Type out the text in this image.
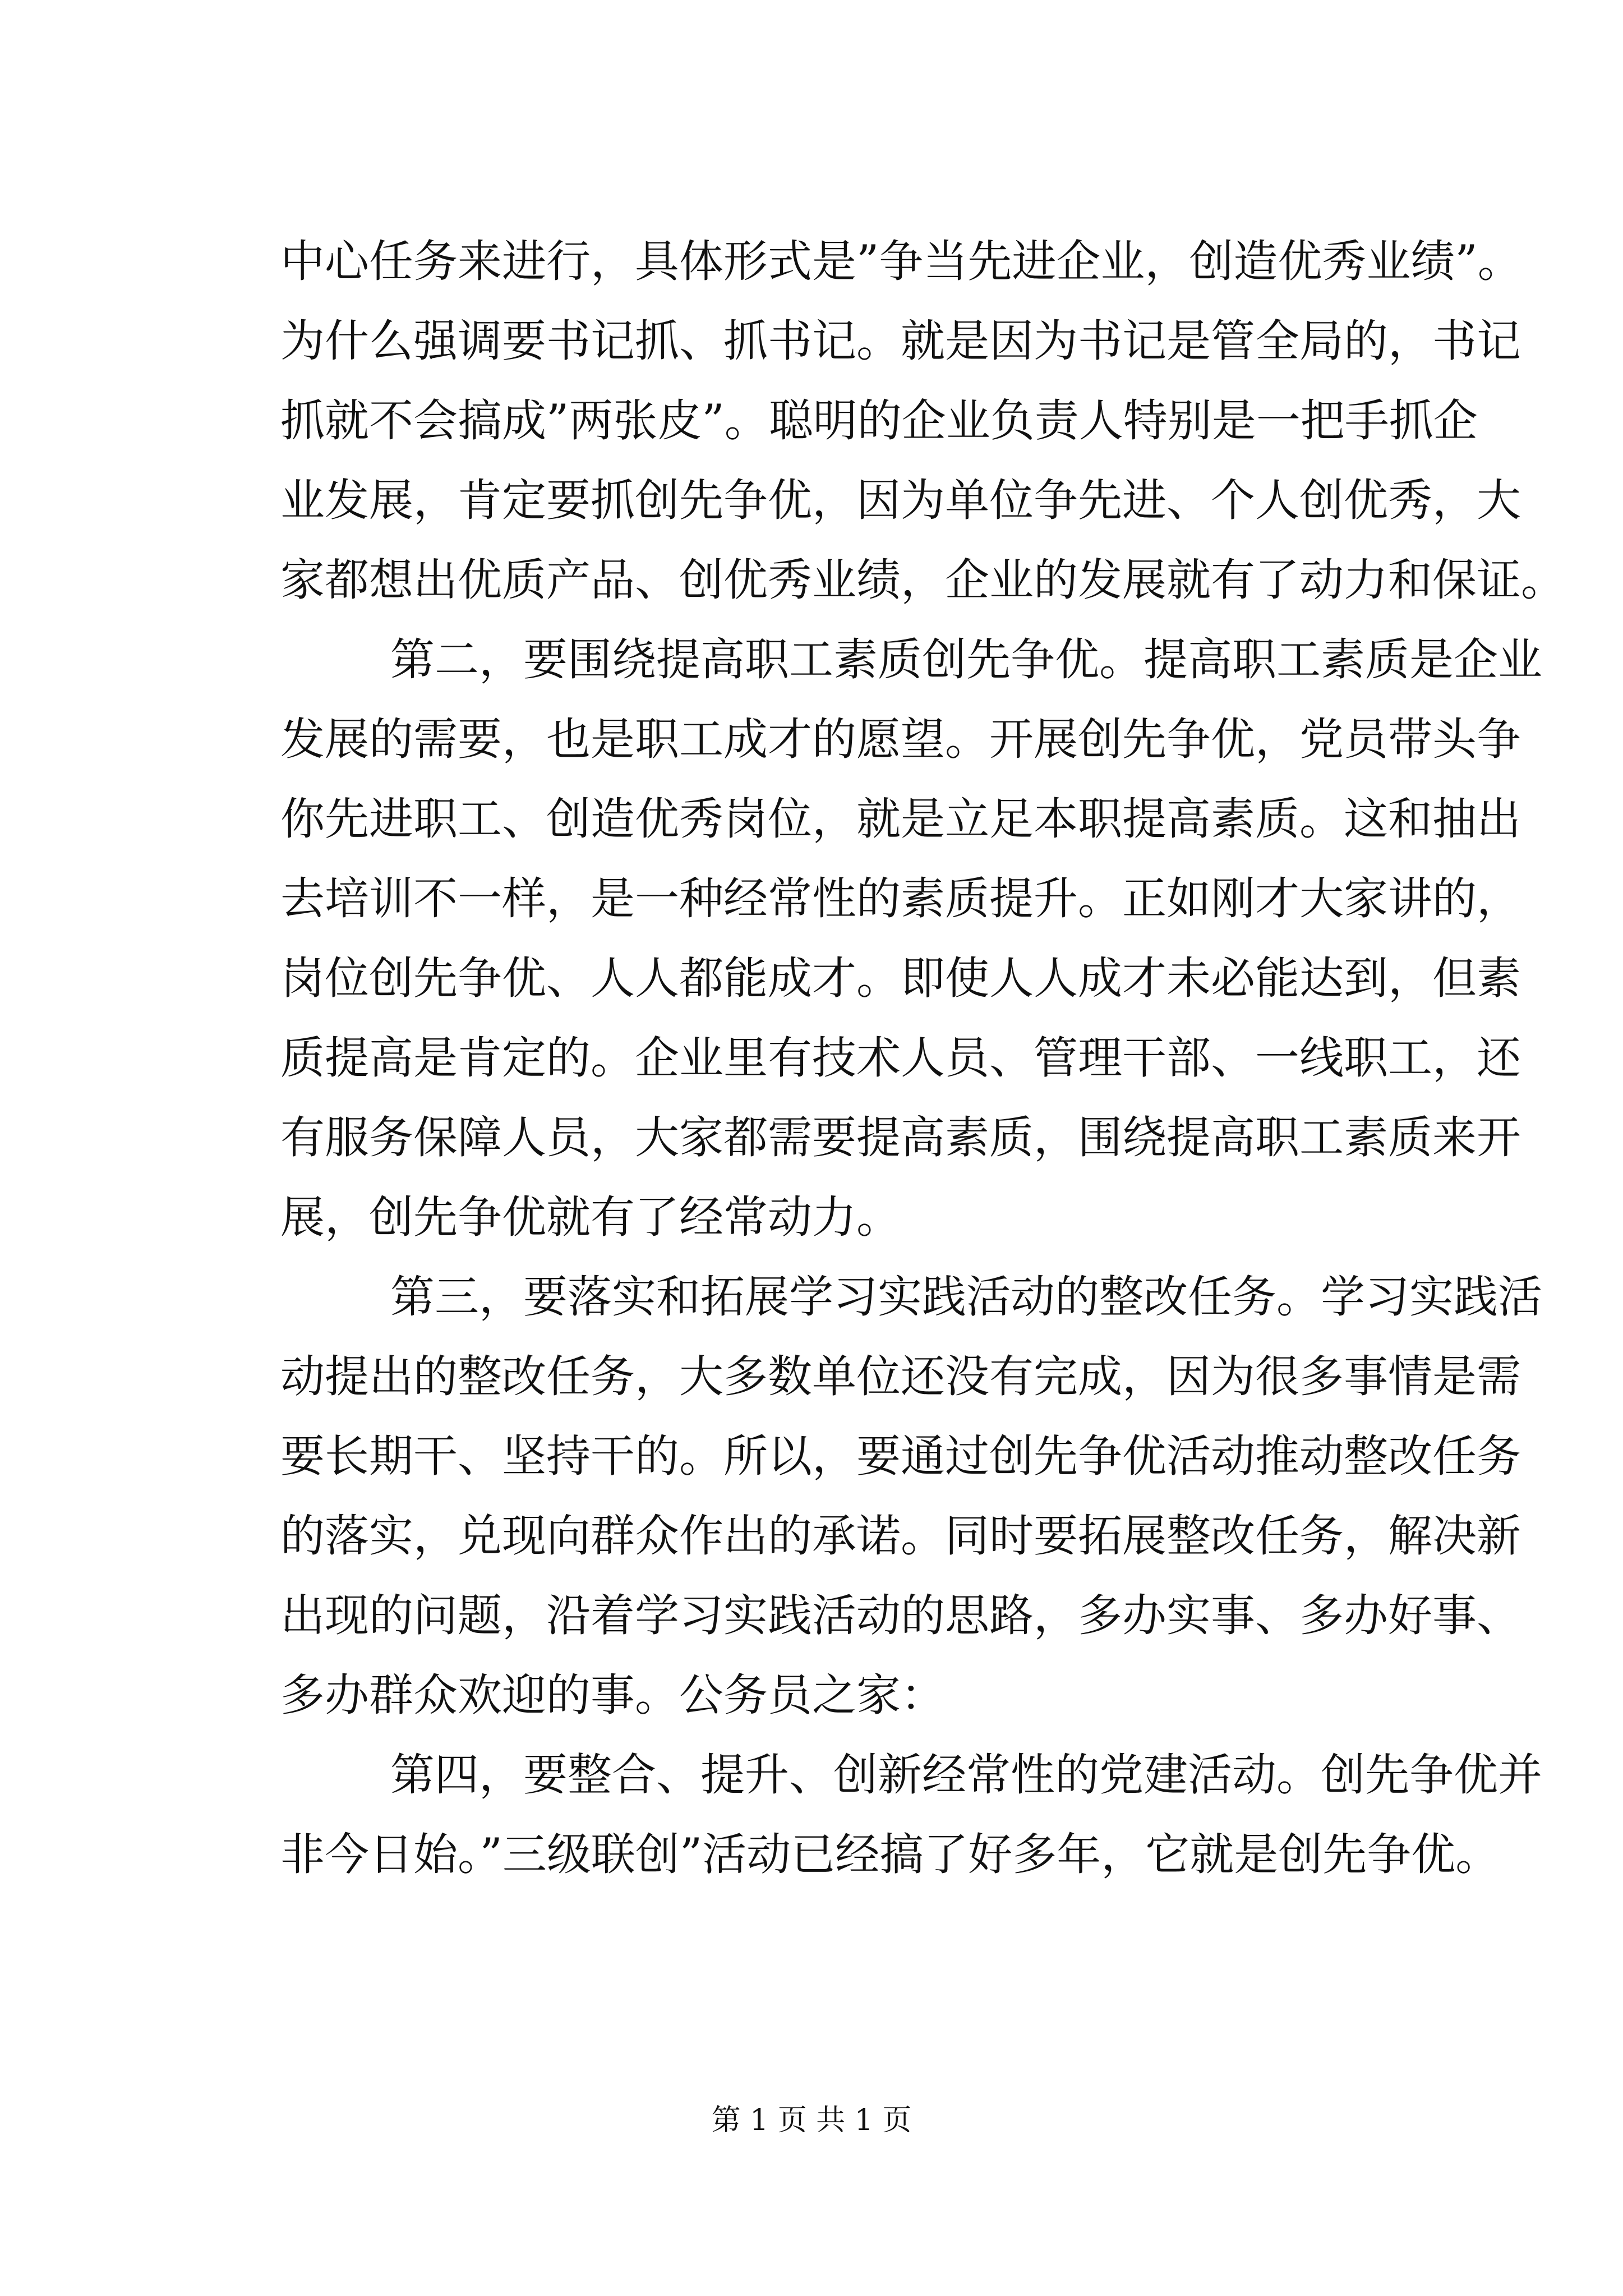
中心任务来进行，具体形式是”争当先进企业，创造优秀业绩”。
为什么强调要书记抓、抓书记。就是因为书记是管全局的，书记
抓就不会搞成”两张皮”。聪明的企业负责人特别是一把手抓企
业发展，肯定要抓创先争优，因为单位争先进、个人创优秀，大
家都想出优质产品、创优秀业绩，企业的发展就有了动力和保证。
第二，要围绕提高职工素质创先争优。提高职工素质是企业
发展的需要，也是职工成才的愿望。开展创先争优，党员带头争
你先进职工、创造优秀岗位，就是立足本职提高素质。这和抽出
去培训不一样，是一种经常性的素质提升。正如刚才大家讲的，
岗位创先争优、人人都能成才。即使人人成才未必能达到，但素
质提高是肯定的。企业里有技术人员、管理干部、一线职工，还
有服务保障人员，大家都需要提高素质，围绕提高职工素质来开
展，创先争优就有了经常动力。
第三，要落实和拓展学习实践活动的整改任务。学习实践活
动提出的整改任务，大多数单位还没有完成，因为很多事情是需
要长期干、坚持干的。所以，要通过创先争优活动推动整改任务
的落实，兑现向群众作出的承诺。同时要拓展整改任务，解决新
出现的问题，沿着学习实践活动的思路，多办实事、多办好事、
多办群众欢迎的事。公务员之家：
第四，要整合、提升、创新经常性的党建活动。创先争优并
非今日始。”三级联创”活动已经搞了好多年，它就是创先争优。
第 1 页 共 1 页
